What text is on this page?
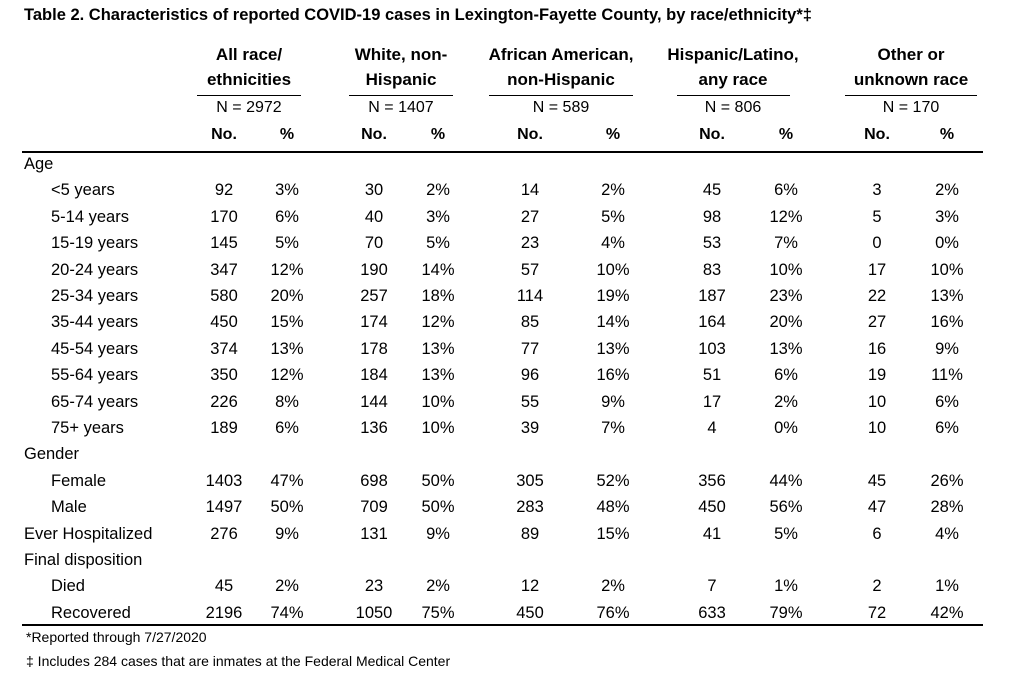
Table 2. Characteristics of reported COVID-19 cases in Lexington-Fayette County, by race/ethnicity*‡
All race/
ethnicities
N = 2972
No.	%
White, non-
Hispanic
N = 1407
No.	%
African American,
non-Hispanic
N = 589
No.	%
Hispanic/Latino,
any race
N = 806
No.	%
Other or
unknown race
N = 170
No.	%
Age
<5 years	92	3%	30	2%	14	2%	45	6%	3	2%
5-14 years	170	6%	40	3%	27	5%	98	12%	5	3%
15-19 years	145	5%	70	5%	23	4%	53	7%	0	0%
20-24 years	347	12%	190	14%	57	10%	83	10%	17	10%
25-34 years	580	20%	257	18%	114	19%	187	23%	22	13%
35-44 years	450	15%	174	12%	85	14%	164	20%	27	16%
45-54 years	374	13%	178	13%	77	13%	103	13%	16	9%
55-64 years	350	12%	184	13%	96	16%	51	6%	19	11%
65-74 years	226	8%	144	10%	55	9%	17	2%	10	6%
75+ years	189	6%	136	10%	39	7%	4	0%	10	6%
Gender
Female	1403	47%	698	50%	305	52%	356	44%	45	26%
Male	1497	50%	709	50%	283	48%	450	56%	47	28%
Ever Hospitalized	276	9%	131	9%	89	15%	41	5%	6	4%
Final disposition
Died	45	2%	23	2%	12	2%	7	1%	2	1%
Recovered	2196	74%	1050	75%	450	76%	633	79%	72	42%
*Reported through 7/27/2020
‡ Includes 284 cases that are inmates at the Federal Medical Center
